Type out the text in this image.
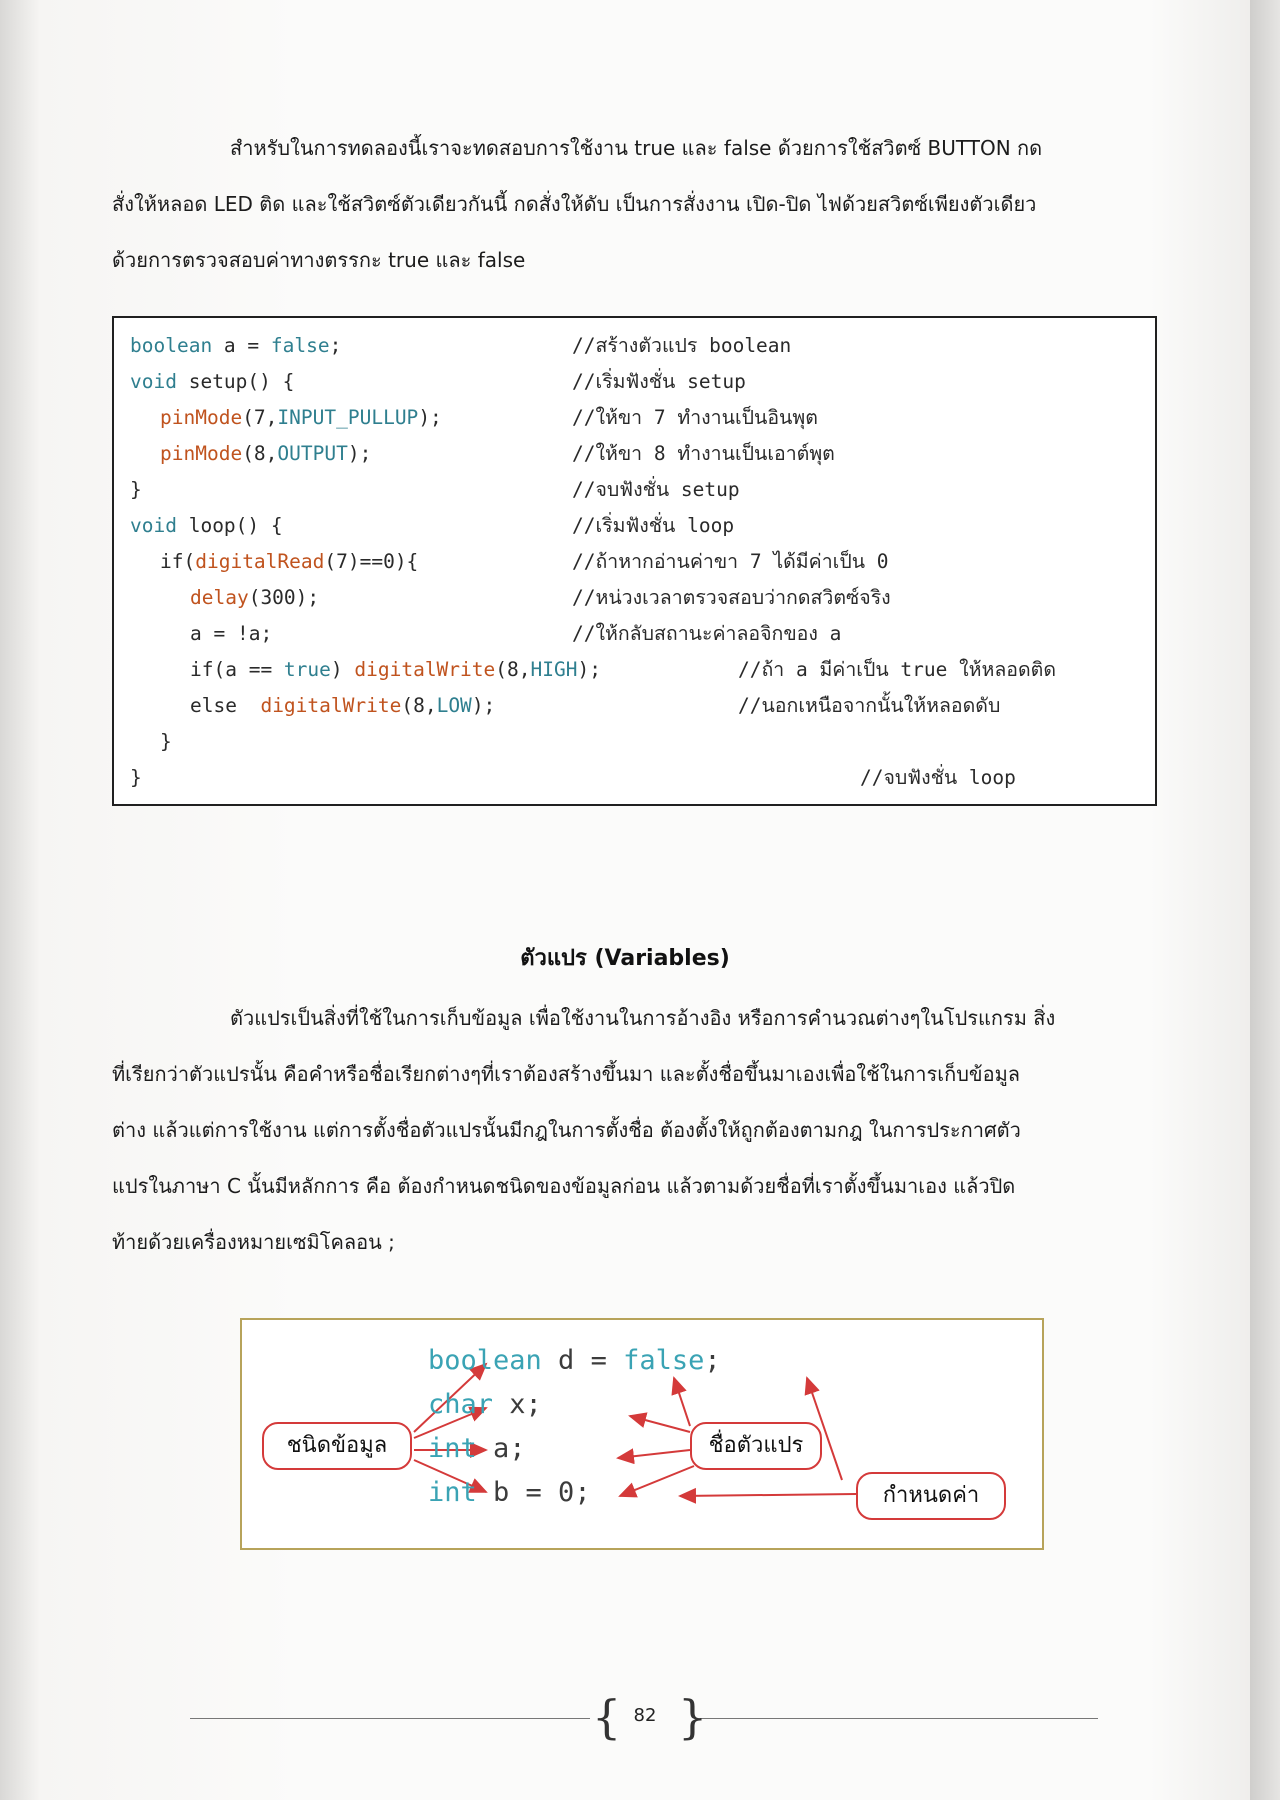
สำหรับในการทดลองนี้เราจะทดสอบการใช้งาน true และ false ด้วยการใช้สวิตซ์ BUTTON กด
สั่งให้หลอด LED ติด และใช้สวิตซ์ตัวเดียวกันนี้ กดสั่งให้ดับ เป็นการสั่งงาน เปิด-ปิด ไฟด้วยสวิตซ์เพียงตัวเดียว
ด้วยการตรวจสอบค่าทางตรรกะ true และ false
boolean a = false;	//สร้างตัวแปร boolean
void setup() {	//เริ่มฟังชั่น setup
pinMode(7,INPUT_PULLUP);	//ให้ขา 7 ทำงานเป็นอินพุต
pinMode(8,OUTPUT);	//ให้ขา 8 ทำงานเป็นเอาต์พุต
}	//จบฟังชั่น setup
void loop() {	//เริ่มฟังชั่น loop
if(digitalRead(7)==0){	//ถ้าหากอ่านค่าขา 7 ได้มีค่าเป็น 0
delay(300);	//หน่วงเวลาตรวจสอบว่ากดสวิตซ์จริง
a = !a;	//ให้กลับสถานะค่าลอจิกของ a
if(a == true) digitalWrite(8,HIGH);	//ถ้า a มีค่าเป็น true ให้หลอดติด
else  digitalWrite(8,LOW);	//นอกเหนือจากนั้นให้หลอดดับ
}
}	//จบฟังชั่น loop
ตัวแปร (Variables)
ตัวแปรเป็นสิ่งที่ใช้ในการเก็บข้อมูล เพื่อใช้งานในการอ้างอิง หรือการคำนวณต่างๆในโปรแกรม สิ่ง
ที่เรียกว่าตัวแปรนั้น คือคำหรือชื่อเรียกต่างๆที่เราต้องสร้างขึ้นมา และตั้งชื่อขึ้นมาเองเพื่อใช้ในการเก็บข้อมูล
ต่าง แล้วแต่การใช้งาน แต่การตั้งชื่อตัวแปรนั้นมีกฎในการตั้งชื่อ ต้องตั้งให้ถูกต้องตามกฎ ในการประกาศตัว
แปรในภาษา C นั้นมีหลักการ คือ ต้องกำหนดชนิดของข้อมูลก่อน แล้วตามด้วยชื่อที่เราตั้งขึ้นมาเอง แล้วปิด
ท้ายด้วยเครื่องหมายเซมิโคลอน ;
boolean d = false;
char x;
int a;
int b = 0;
ชนิดข้อมูล	ชื่อตัวแปร
กำหนดค่า
{ }
82
